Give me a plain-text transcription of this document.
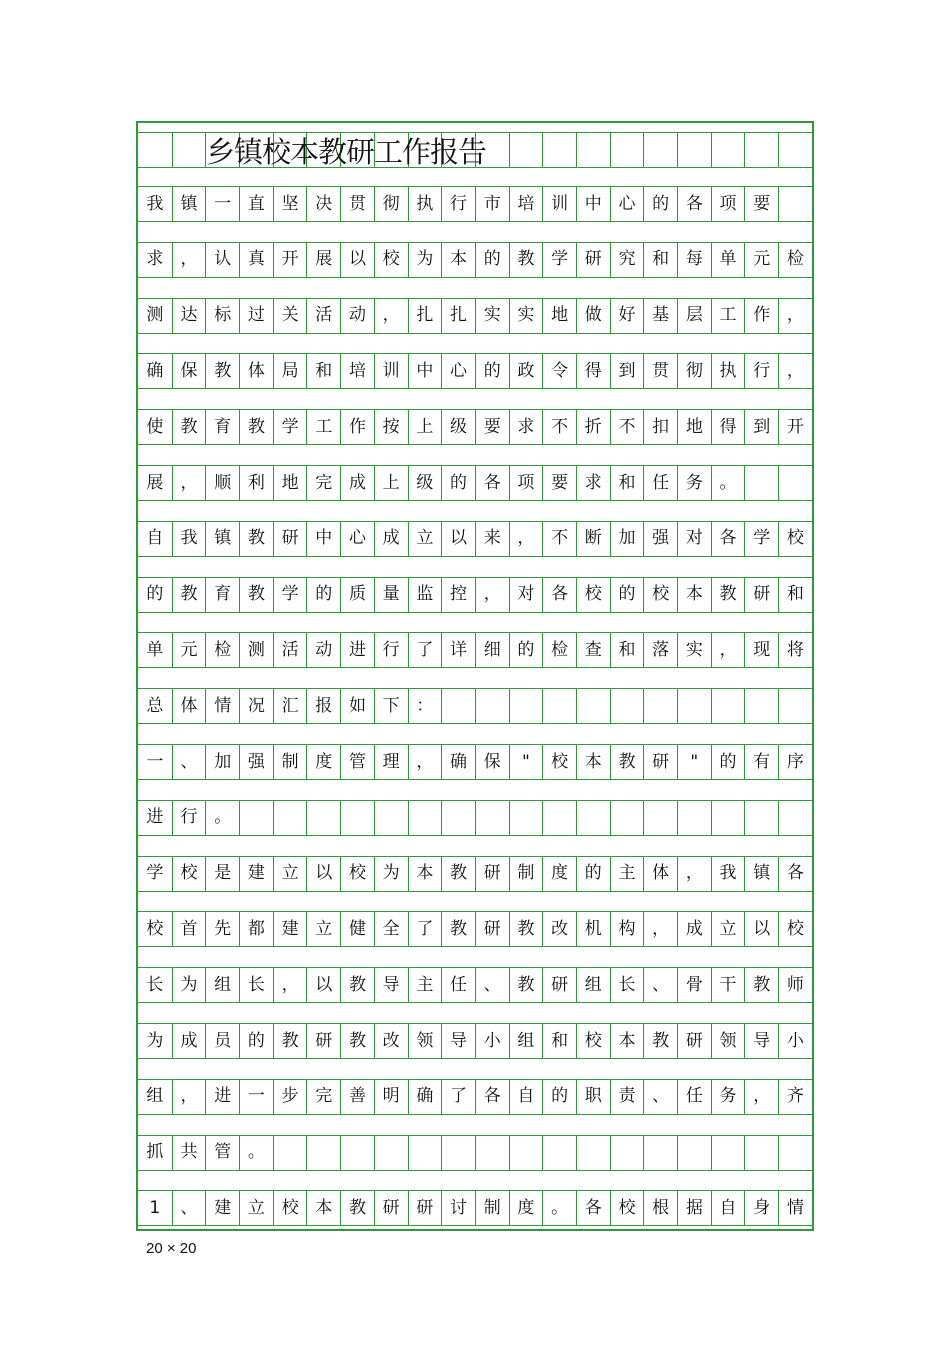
乡镇校本教研工作报告
我	镇 一 直 坚 决 贯 彻 执 行 市 培 训 中 心 的 各 项 要
求	， 认 真 开 展 以 校 为 本 的 教 学 研 究 和 每 单 元 检
测	达 标 过 关 活 动 ， 扎 扎 实 实 地 做 好 基 层 工 作 ，
确	保 教 体 局 和 培 训 中 心 的 政 令 得 到 贯 彻 执 行 ，
使	教 育 教 学 工 作 按 上 级 要 求 不 折 不 扣 地 得 到 开
展	， 顺 利 地 完 成 上 级 的 各 项 要 求 和 任 务 。
自	我 镇 教 研 中 心 成 立 以 来 ， 不 断 加 强 对 各 学 校
的	教 育 教 学 的 质 量 监 控 ， 对 各 校 的 校 本 教 研 和
单	元 检 测 活 动 进 行 了 详 细 的 检 查 和 落 实 ， 现 将
总	体 情 况 汇 报 如 下 ：
一	、 加 强 制 度 管 理 ， 确 保	"	校 本 教 研	"	的 有 序
进	行 。
学	校 是 建 立 以 校 为 本 教 研 制 度 的 主 体 ， 我 镇 各
校	首 先 都 建 立 健 全 了 教 研 教 改 机 构 ， 成 立 以 校
长	为 组 长 ， 以 教 导 主 任 、 教 研 组 长 、 骨 干 教 师
为	成 员 的 教 研 教 改 领 导 小 组 和 校 本 教 研 领 导 小
组	， 进 一 步 完 善 明 确 了 各 自 的 职 责 、 任 务 ， 齐
抓	共 管 。
1	、 建 立 校 本 教 研 研 讨 制 度 。 各 校 根 据 自 身 情
20 × 20
